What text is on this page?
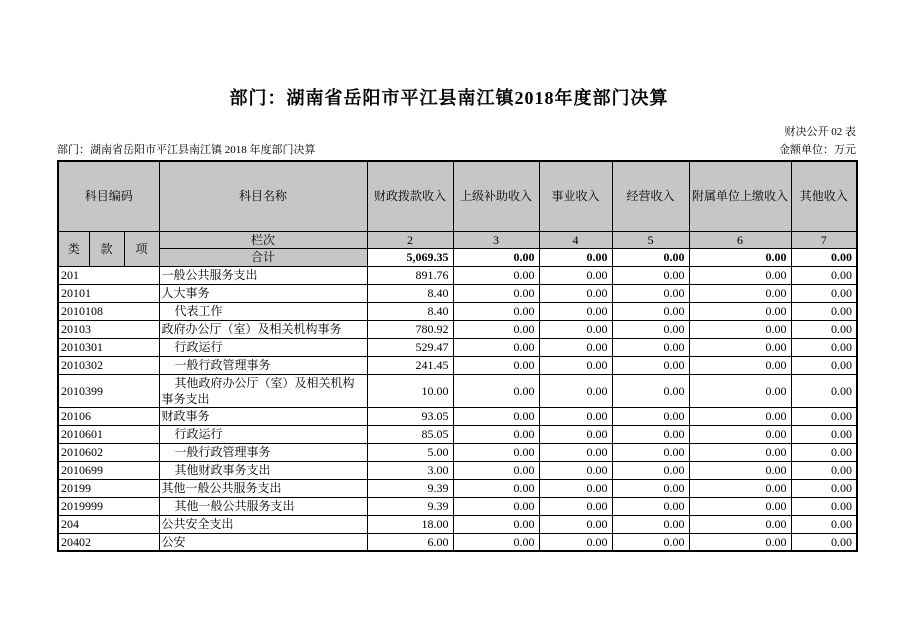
部门：湖南省岳阳市平江县南江镇2018年度部门决算
财决公开 02 表
部门：湖南省岳阳市平江县南江镇 2018 年度部门决算	金额单位：万元
科目编码			科目名称	财政拨款收入	上级补助收入	事业收入	经营收入	附属单位上缴收入	其他收入
类	款	项	栏次	2	3	4	5	6	7
			合计	5,069.35	0.00	0.00	0.00	0.00	0.00
201			一般公共服务支出	891.76	0.00	0.00	0.00	0.00	0.00
20101			人大事务	8.40	0.00	0.00	0.00	0.00	0.00
2010108			代表工作	8.40	0.00	0.00	0.00	0.00	0.00
20103			政府办公厅（室）及相关机构事务	780.92	0.00	0.00	0.00	0.00	0.00
2010301			行政运行	529.47	0.00	0.00	0.00	0.00	0.00
2010302			一般行政管理事务	241.45	0.00	0.00	0.00	0.00	0.00
2010399			其他政府办公厅（室）及相关机构事务支出	10.00	0.00	0.00	0.00	0.00	0.00
20106			财政事务	93.05	0.00	0.00	0.00	0.00	0.00
2010601			行政运行	85.05	0.00	0.00	0.00	0.00	0.00
2010602			一般行政管理事务	5.00	0.00	0.00	0.00	0.00	0.00
2010699			其他财政事务支出	3.00	0.00	0.00	0.00	0.00	0.00
20199			其他一般公共服务支出	9.39	0.00	0.00	0.00	0.00	0.00
2019999			其他一般公共服务支出	9.39	0.00	0.00	0.00	0.00	0.00
204			公共安全支出	18.00	0.00	0.00	0.00	0.00	0.00
20402			公安	6.00	0.00	0.00	0.00	0.00	0.00
